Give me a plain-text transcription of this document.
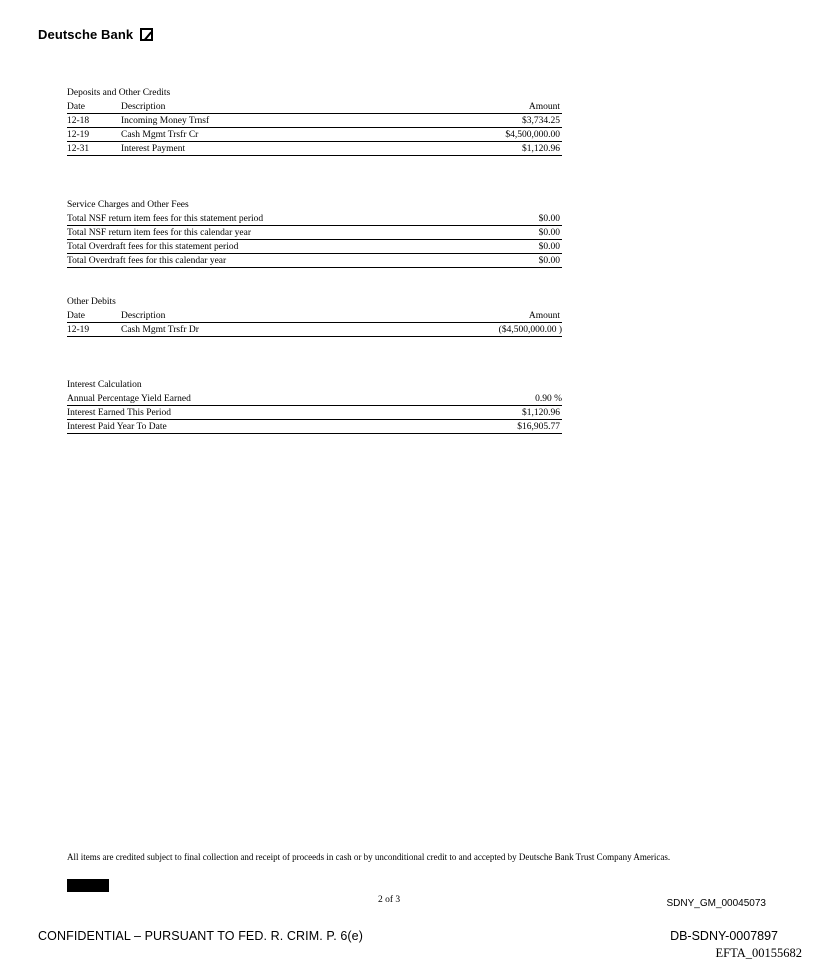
Deutsche Bank
Deposits and Other Credits
Date	Description	Amount
12-18	Incoming Money Trnsf	$3,734.25
12-19	Cash Mgmt Trsfr Cr	$4,500,000.00
12-31	Interest Payment	$1,120.96
Service Charges and Other Fees
Total NSF return item fees for this statement period	$0.00
Total NSF return item fees for this calendar year	$0.00
Total Overdraft fees for this statement period	$0.00
Total Overdraft fees for this calendar year	$0.00
Other Debits
Date	Description	Amount
12-19	Cash Mgmt Trsfr Dr	($4,500,000.00 )
Interest Calculation
Annual Percentage Yield Earned	0.90 %
Interest Earned This Period	$1,120.96
Interest Paid Year To Date	$16,905.77
All items are credited subject to final collection and receipt of proceeds in cash or by unconditional credit to and accepted by Deutsche Bank Trust Company Americas.
2 of 3	SDNY_GM_00045073
CONFIDENTIAL – PURSUANT TO FED. R. CRIM. P. 6(e)	DB-SDNY-0007897
EFTA_00155682
